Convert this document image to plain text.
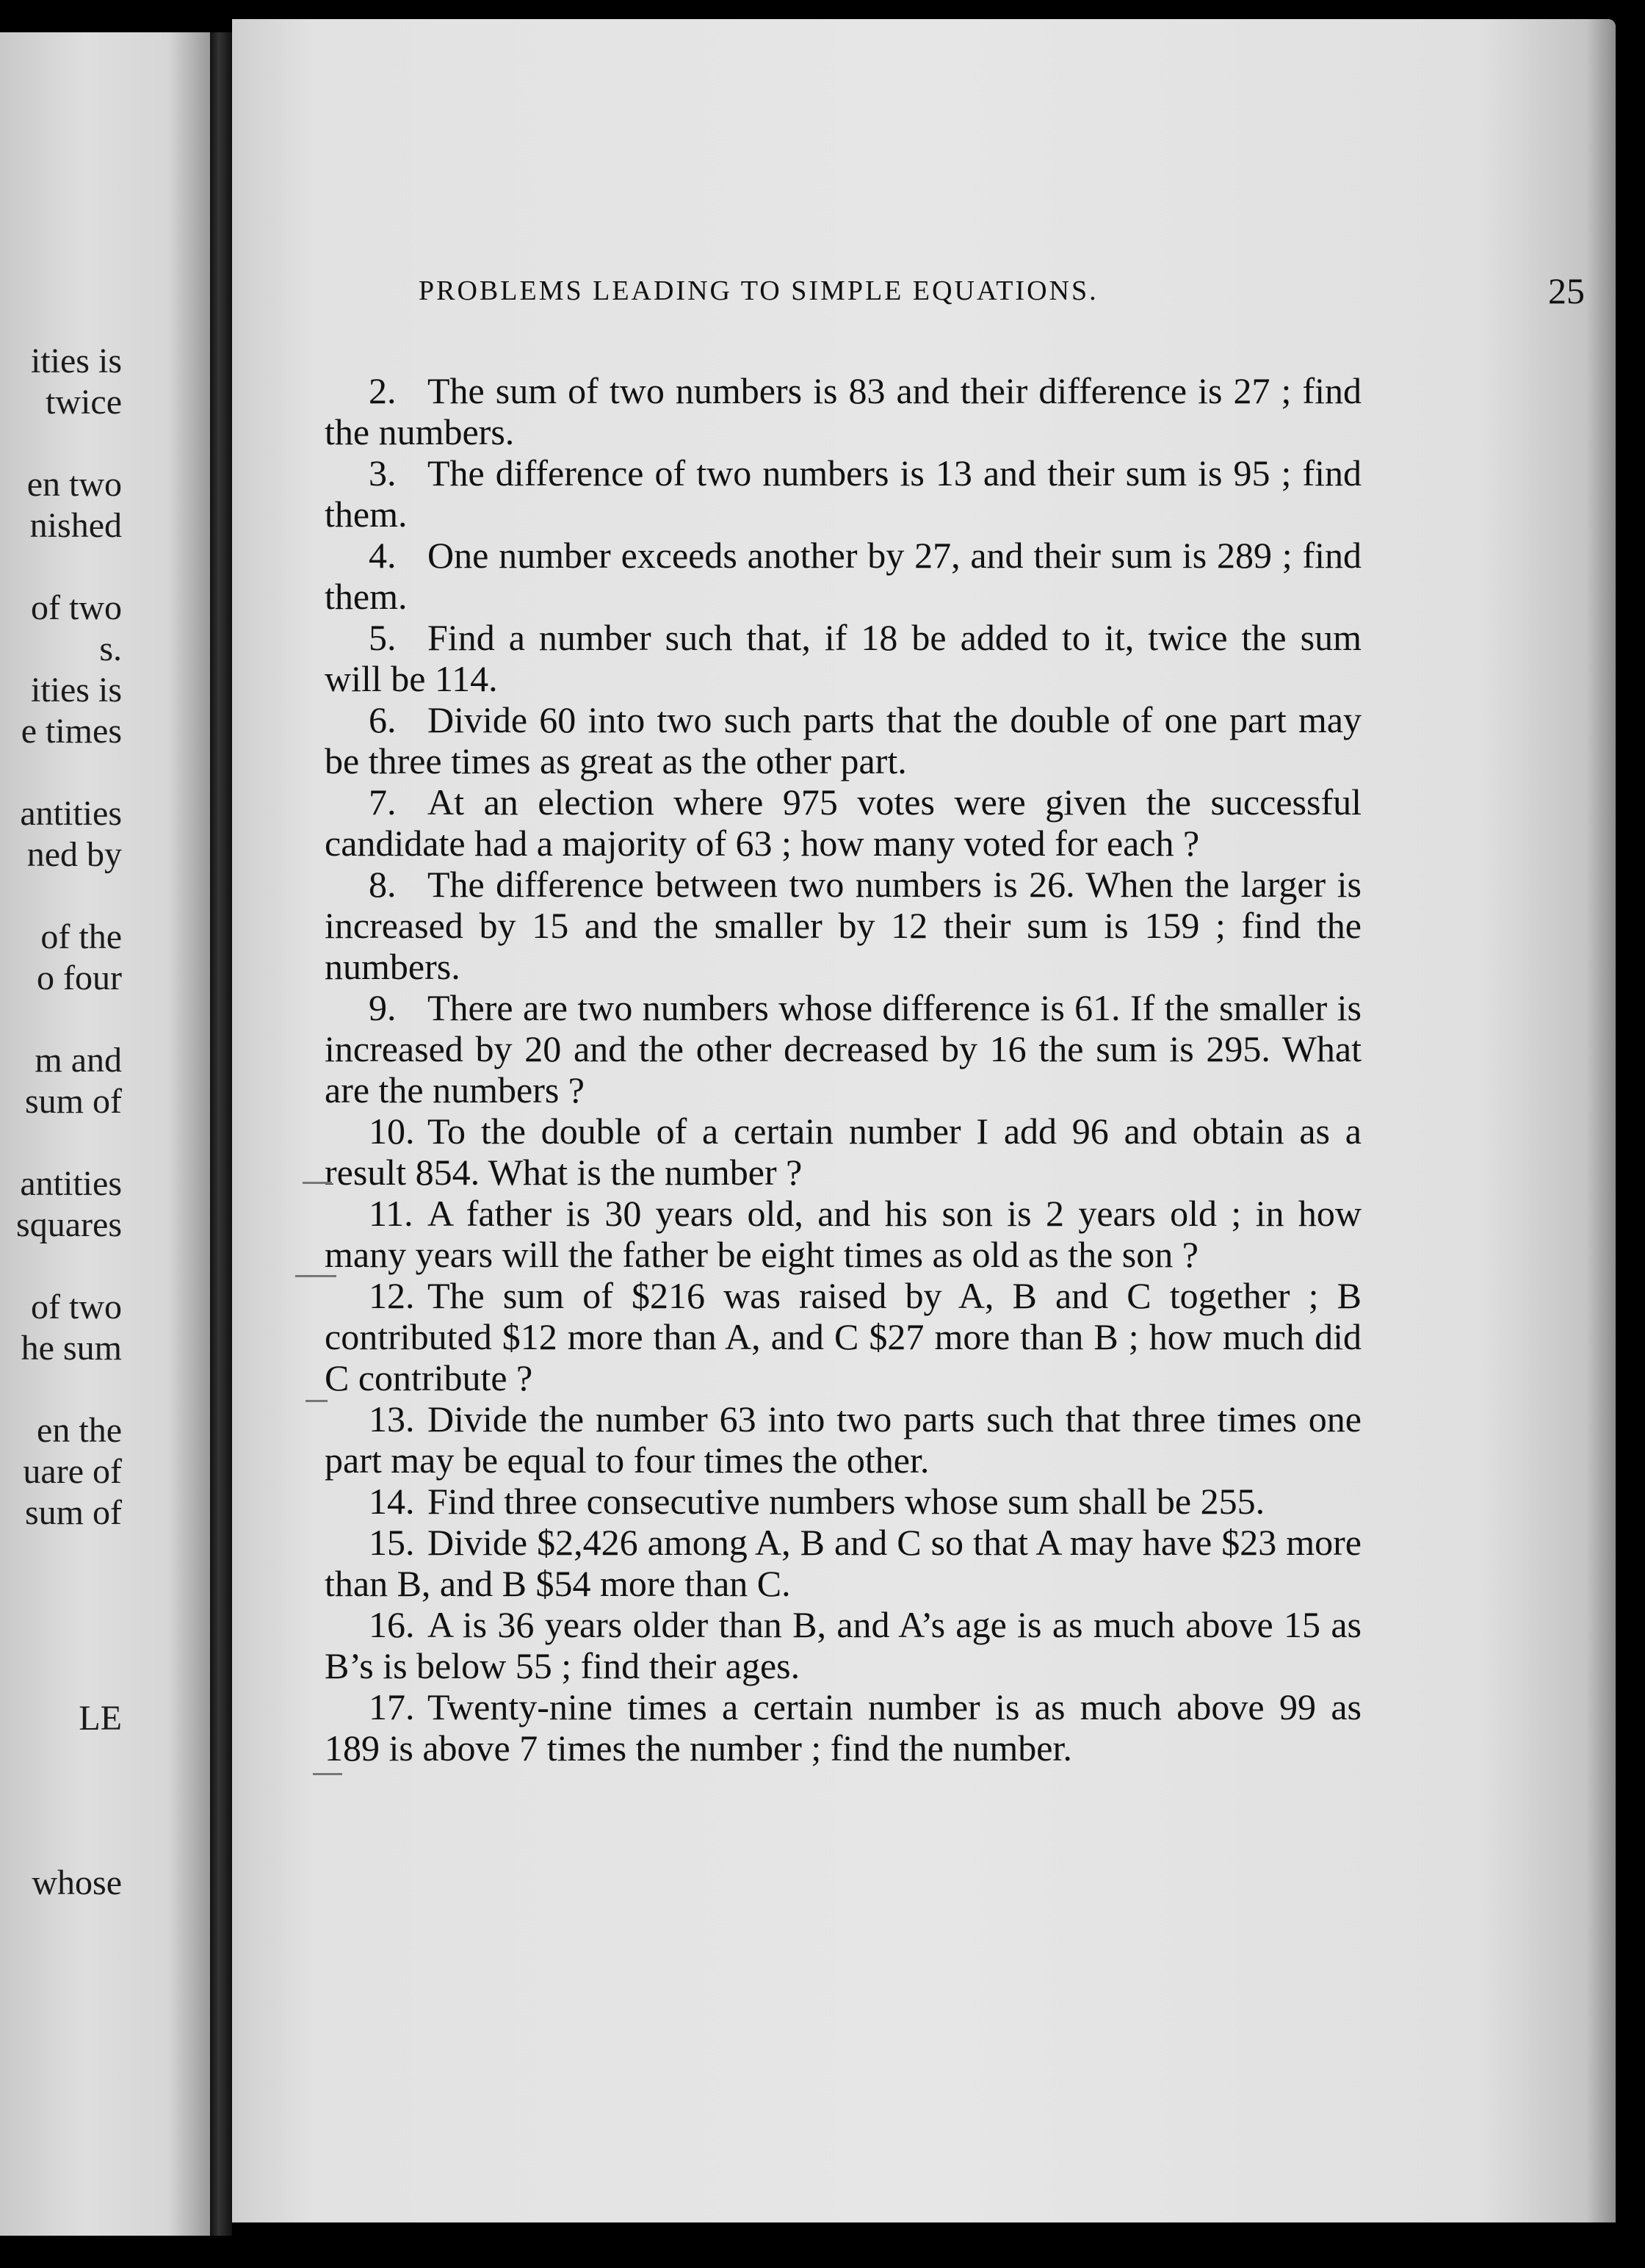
ities is
twice
en two
nished
of two
s.
ities is
e times
antities
ned by
of the
o four
m and
sum of
antities
squares
of two
he sum
en the
uare of
sum of
LE
whose
PROBLEMS LEADING TO SIMPLE EQUATIONS.	25

2. The sum of two numbers is 83 and their difference is 27 ; find the numbers.

3. The difference of two numbers is 13 and their sum is 95 ; find them.

4. One number exceeds another by 27, and their sum is 289 ; find them.

5. Find a number such that, if 18 be added to it, twice the sum will be 114.

6. Divide 60 into two such parts that the double of one part may be three times as great as the other part.

7. At an election where 975 votes were given the successful candidate had a majority of 63 ; how many voted for each ?

8. The difference between two numbers is 26. When the larger is increased by 15 and the smaller by 12 their sum is 159 ; find the numbers.

9. There are two numbers whose difference is 61. If the smaller is increased by 20 and the other decreased by 16 the sum is 295. What are the numbers ?

10. To the double of a certain number I add 96 and obtain as a result 854. What is the number ?

11. A father is 30 years old, and his son is 2 years old ; in how many years will the father be eight times as old as the son ?

12. The sum of $216 was raised by A, B and C together ; B contributed $12 more than A, and C $27 more than B ; how much did C contribute ?

13. Divide the number 63 into two parts such that three times one part may be equal to four times the other.

14. Find three consecutive numbers whose sum shall be 255.

15. Divide $2,426 among A, B and C so that A may have $23 more than B, and B $54 more than C.

16. A is 36 years older than B, and A’s age is as much above 15 as B’s is below 55 ; find their ages.

17. Twenty-nine times a certain number is as much above 99 as 189 is above 7 times the number ; find the number.
